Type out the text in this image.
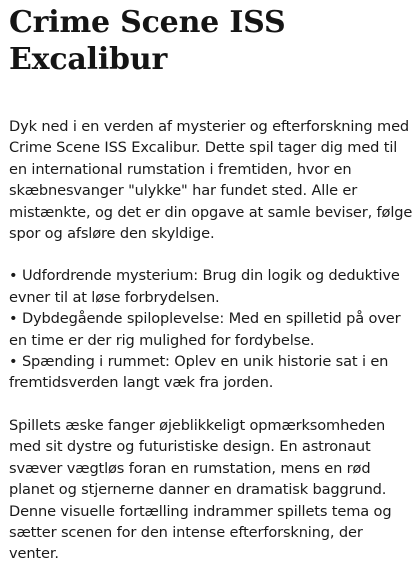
Crime Scene ISS Excalibur

Dyk ned i en verden af mysterier og efterforskning med Crime Scene ISS Excalibur. Dette spil tager dig med til en international rumstation i fremtiden, hvor en skæbnesvanger "ulykke" har fundet sted. Alle er mistænkte, og det er din opgave at samle beviser, følge spor og afsløre den skyldige.

• Udfordrende mysterium: Brug din logik og deduktive evner til at løse forbrydelsen.
• Dybdegående spiloplevelse: Med en spilletid på over en time er der rig mulighed for fordybelse.
• Spænding i rummet: Oplev en unik historie sat i en fremtidsverden langt væk fra jorden.

Spillets æske fanger øjeblikkeligt opmærksomheden med sit dystre og futuristiske design. En astronaut svæver vægtløs foran en rumstation, mens en rød planet og stjernerne danner en dramatisk baggrund. Denne visuelle fortælling indrammer spillets tema og sætter scenen for den intense efterforskning, der venter.
